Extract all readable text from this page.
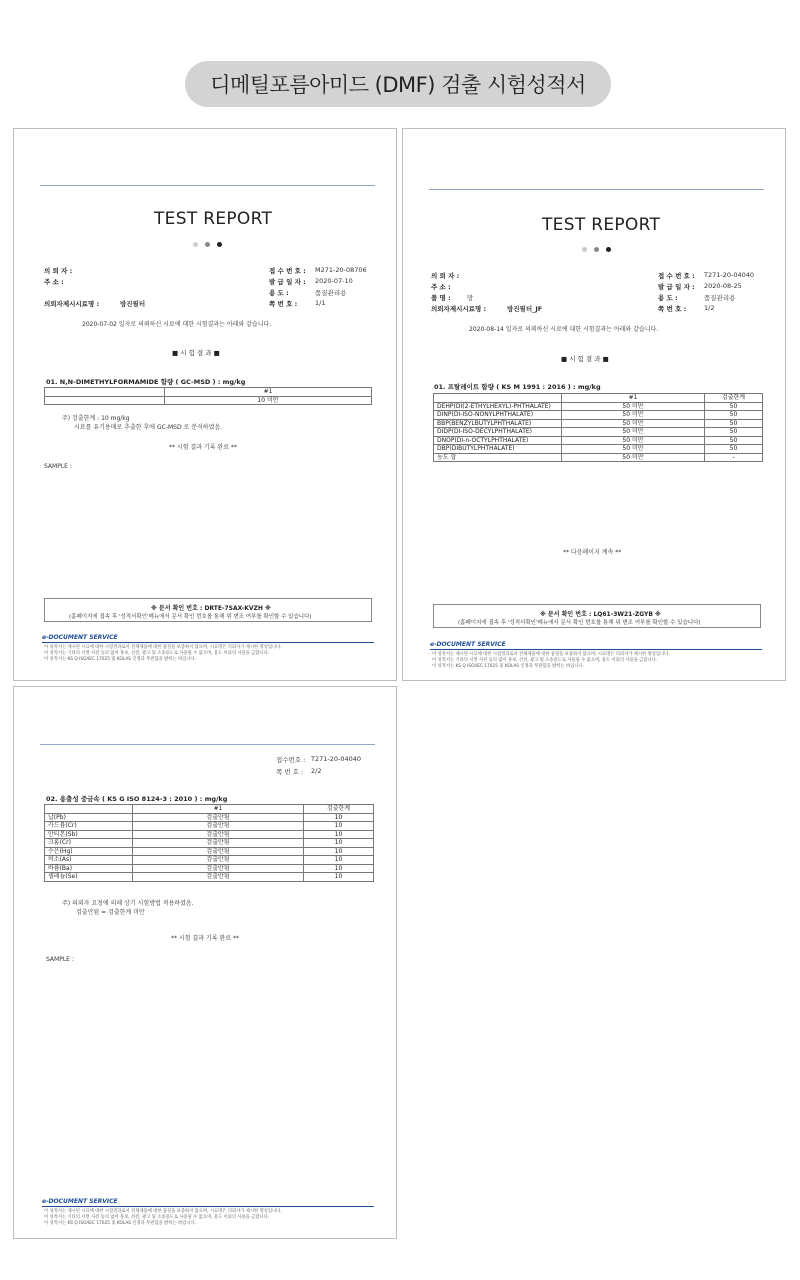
디메틸포름아미드 (DMF) 검출 시험성적서
TEST REPORT
의 뢰 자 :
주 소 :
의뢰자제시시료명 :	방진필터
접 수 번 호 : M271-20-08706
발 급 일 자 : 2020-07-10
용 도 :	품질관리용
쪽 번 호 :	1/1
2020-07-02 일자로 의뢰하신 시료에 대한 시험결과는 아래와 같습니다.
■ 시 험 결 과 ■
01. N,N-DIMETHYLFORMAMIDE 함량 ( GC-MSD ) : mg/kg
	#1
	10 미만
주) 검출한계 : 10 mg/kg
시료를 유기용매로 추출한 후에 GC-MSD 로 분석하였음.
** 시험 결과 기록 완료 **
SAMPLE :
※ 문서 확인 번호 : DRTE-7SAX-KVZH ※
(홈페이지에 접속 후 '성적서확인'메뉴에서 문서 확인 번호를 통해 위 변조 여부를 확인할 수 있습니다)
e-DOCUMENT SERVICE
이 성적서는 제시된 시료에 대한 시험결과로서 전체제품에 대한 품질을 보증하지 않으며, 시료명은 의뢰자가 제시한 명칭입니다.
이 성적서는 기타의 서면 사전 동의 없이 홍보, 선전, 광고 및 소송용도로 사용될 수 없으며, 용도 이외의 사용을 금합니다.
이 성적서는 KS Q ISO/IEC 17025 및 KOLAS 인정과 무관함을 밝히는 바입니다.
TEST REPORT
의 뢰 자 :
주 소 :
품 명 :	망
의뢰자제시시료명 :	방진필터_JF
접 수 번 호 : T271-20-04040
발 급 일 자 : 2020-08-25
용 도 :	품질관리용
쪽 번 호 :	1/2
2020-08-14 일자로 의뢰하신 시료에 대한 시험결과는 아래와 같습니다.
■ 시 험 결 과 ■
01. 프탈레이트 함량 ( KS M 1991 : 2016 ) : mg/kg
	#1	검출한계
DEHP(DI(2-ETHYLHEXYL)-PHTHALATE)	50 미만	50
DINP(DI-ISO-NONYLPHTHALATE)	50 미만	50
BBP(BENZYLBUTYLPHTHALATE)	50 미만	50
DIDP(DI-ISO-DECYLPHTHALATE)	50 미만	50
DNOP(DI-n-OCTYLPHTHALATE)	50 미만	50
DBP(DIBUTYLPHTHALATE)	50 미만	50
농도 합	50 미만	-
** 다음페이지 계속 **
※ 문서 확인 번호 : LQ61-3W21-ZGYB ※
(홈페이지에 접속 후 '성적서확인'메뉴에서 문서 확인 번호를 통해 위 변조 여부를 확인할 수 있습니다)
e-DOCUMENT SERVICE
이 성적서는 제시된 시료에 대한 시험결과로서 전체제품에 대한 품질을 보증하지 않으며, 시료명은 의뢰자가 제시한 명칭입니다.
이 성적서는 기타의 서면 사전 동의 없이 홍보, 선전, 광고 및 소송용도로 사용될 수 없으며, 용도 이외의 사용을 금합니다.
이 성적서는 KS Q ISO/IEC 17025 및 KOLAS 인정과 무관함을 밝히는 바입니다.
접수번호 : T271-20-04040
쪽 번 호 : 2/2
02. 용출성 중금속 ( KS G ISO 8124-3 : 2010 ) : mg/kg
	#1	검출한계
납(Pb)	검출안됨	10
카드뮴(Cr)	검출안됨	10
안티몬(Sb)	검출안됨	10
크롬(Cr)	검출안됨	10
수은(Hg)	검출안됨	10
비소(As)	검출안됨	10
바륨(Ba)	검출안됨	10
셀레늄(Se)	검출안됨	10
주) 의뢰자 요청에 의해 상기 시험방법 적용하였음.
검출안됨 = 검출한계 미만
** 시험 결과 기록 완료 **
SAMPLE :
e-DOCUMENT SERVICE
이 성적서는 제시된 시료에 대한 시험결과로서 전체제품에 대한 품질을 보증하지 않으며, 시료명은 의뢰자가 제시한 명칭입니다.
이 성적서는 기타의 서면 사전 동의 없이 홍보, 선전, 광고 및 소송용도로 사용될 수 없으며, 용도 이외의 사용을 금합니다.
이 성적서는 KS Q ISO/IEC 17025 및 KOLAS 인정과 무관함을 밝히는 바입니다.
